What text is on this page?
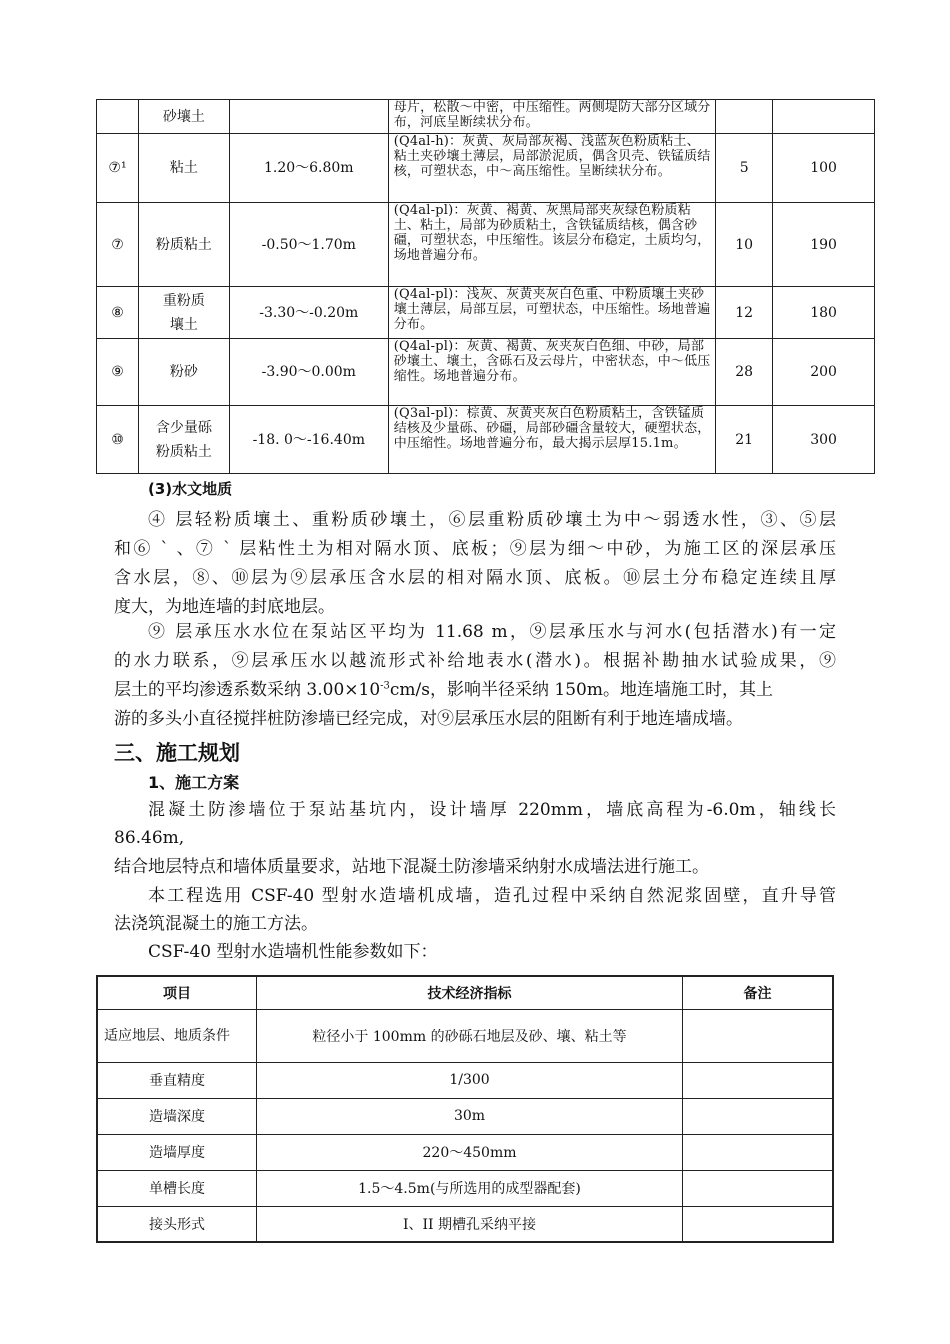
	砂壤土		母片，松散～中密，中压缩性。两侧堤防大部分区域分布，河底呈断续状分布。		
⑦¹	粘土	1.20～6.80m	(Q4al-h)：灰黄、灰局部灰褐、浅蓝灰色粉质粘土、粘土夹砂壤土薄层，局部淤泥质，偶含贝壳、铁锰质结核，可塑状态，中～高压缩性。呈断续状分布。	5	100
⑦	粉质粘土	-0.50～1.70m	(Q4al-pl)：灰黄、褐黄、灰黑局部夹灰绿色粉质粘土、粘土，局部为砂质粘土，含铁锰质结核，偶含砂礓，可塑状态，中压缩性。该层分布稳定，土质均匀，场地普遍分布。	10	190
⑧	重粉质壤土	-3.30～-0.20m	(Q4al-pl)：浅灰、灰黄夹灰白色重、中粉质壤土夹砂壤土薄层，局部互层，可塑状态，中压缩性。场地普遍分布。	12	180
⑨	粉砂	-3.90～0.00m	(Q4al-pl)：灰黄、褐黄、灰夹灰白色细、中砂，局部砂壤土、壤土，含砾石及云母片，中密状态，中～低压缩性。场地普遍分布。	28	200
⑩	含少量砾粉质粘土	-18. 0～-16.40m	(Q3al-pl)：棕黄、灰黄夹灰白色粉质粘土，含铁锰质结核及少量砾、砂礓，局部砂礓含量较大，硬塑状态，中压缩性。场地普遍分布，最大揭示层厚15.1m。	21	300
(3)水文地质
④ 层轻粉质壤土、重粉质砂壤土，⑥层重粉质砂壤土为中～弱透水性，③、⑤层
和⑥ ` 、⑦ ` 层粘性土为相对隔水顶、底板；⑨层为细～中砂，为施工区的深层承压
含水层，⑧、⑩层为⑨层承压含水层的相对隔水顶、底板。⑩层土分布稳定连续且厚
度大，为地连墙的封底地层。
⑨ 层承压水水位在泵站区平均为 11.68 m，⑨层承压水与河水(包括潜水)有一定
的水力联系，⑨层承压水以越流形式补给地表水(潜水)。根据补勘抽水试验成果，⑨
层土的平均渗透系数采纳 $3.00\times 10^{-3}cm/s$，影响半径采纳 150m。地连墙施工时，其上
游的多头小直径搅拌桩防渗墙已经完成，对⑨层承压水层的阻断有利于地连墙成墙。
三、施工规划
1、施工方案
混凝土防渗墙位于泵站基坑内，设计墙厚 220mm，墙底高程为-6.0m，轴线长
86.46m,
结合地层特点和墙体质量要求，站地下混凝土防渗墙采纳射水成墙法进行施工。
本工程选用 CSF-40 型射水造墙机成墙，造孔过程中采纳自然泥浆固壁，直升导管
法浇筑混凝土的施工方法。
CSF-40 型射水造墙机性能参数如下：
项目	技术经济指标	备注
适应地层、地质条件	粒径小于 100mm 的砂砾石地层及砂、壤、粘土等	
垂直精度	1/300	
造墙深度	30m	
造墙厚度	220～450mm	
单槽长度	1.5～4.5m(与所选用的成型器配套)	
接头形式	I、II 期槽孔采纳平接	
